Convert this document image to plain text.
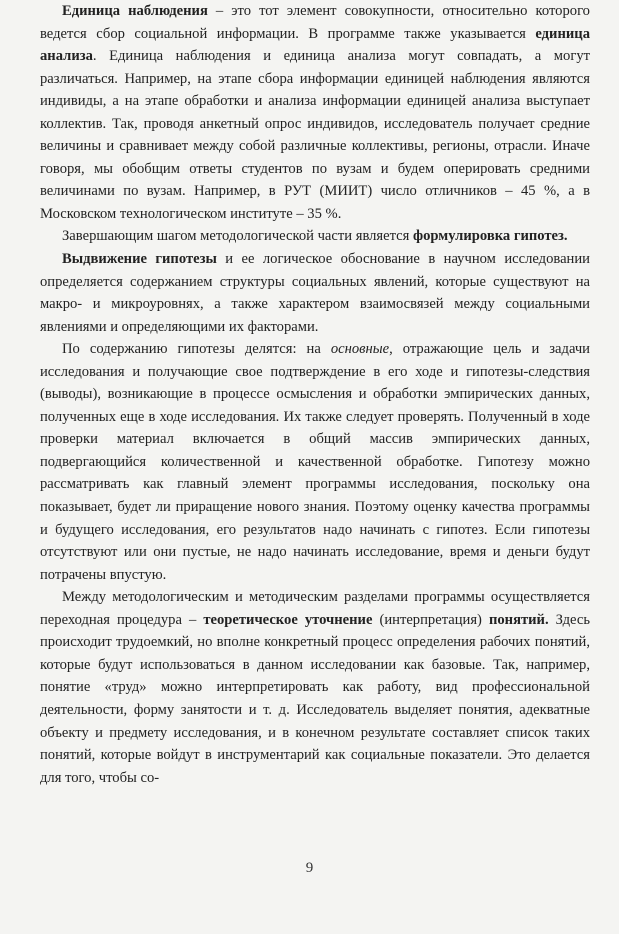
Единица наблюдения – это тот элемент совокупности, относительно которого ведется сбор социальной информации. В программе также указывается единица анализа. Единица наблюдения и единица анализа могут совпадать, а могут различаться. Например, на этапе сбора информации единицей наблюдения являются индивиды, а на этапе обработки и анализа информации единицей анализа выступает коллектив. Так, проводя анкетный опрос индивидов, исследователь получает средние величины и сравнивает между собой различные коллективы, регионы, отрасли. Иначе говоря, мы обобщим ответы студентов по вузам и будем оперировать средними величинами по вузам. Например, в РУТ (МИИТ) число отличников – 45 %, а в Московском технологическом институте – 35 %.

Завершающим шагом методологической части является формулировка гипотез.

Выдвижение гипотезы и ее логическое обоснование в научном исследовании определяется содержанием структуры социальных явлений, которые существуют на макро- и микроуровнях, а также характером взаимосвязей между социальными явлениями и определяющими их факторами.

По содержанию гипотезы делятся: на основные, отражающие цель и задачи исследования и получающие свое подтверждение в его ходе и гипотезы-следствия (выводы), возникающие в процессе осмысления и обработки эмпирических данных, полученных еще в ходе исследования. Их также следует проверять. Полученный в ходе проверки материал включается в общий массив эмпирических данных, подвергающийся количественной и качественной обработке. Гипотезу можно рассматривать как главный элемент программы исследования, поскольку она показывает, будет ли приращение нового знания. Поэтому оценку качества программы и будущего исследования, его результатов надо начинать с гипотез. Если гипотезы отсутствуют или они пустые, не надо начинать исследование, время и деньги будут потрачены впустую.

Между методологическим и методическим разделами программы осуществляется переходная процедура – теоретическое уточнение (интерпретация) понятий. Здесь происходит трудоемкий, но вполне конкретный процесс определения рабочих понятий, которые будут использоваться в данном исследовании как базовые. Так, например, понятие «труд» можно интерпретировать как работу, вид профессиональной деятельности, форму занятости и т. д. Исследователь выделяет понятия, адекватные объекту и предмету исследования, и в конечном результате составляет список таких понятий, которые войдут в инструментарий как социальные показатели. Это делается для того, чтобы со-

9
